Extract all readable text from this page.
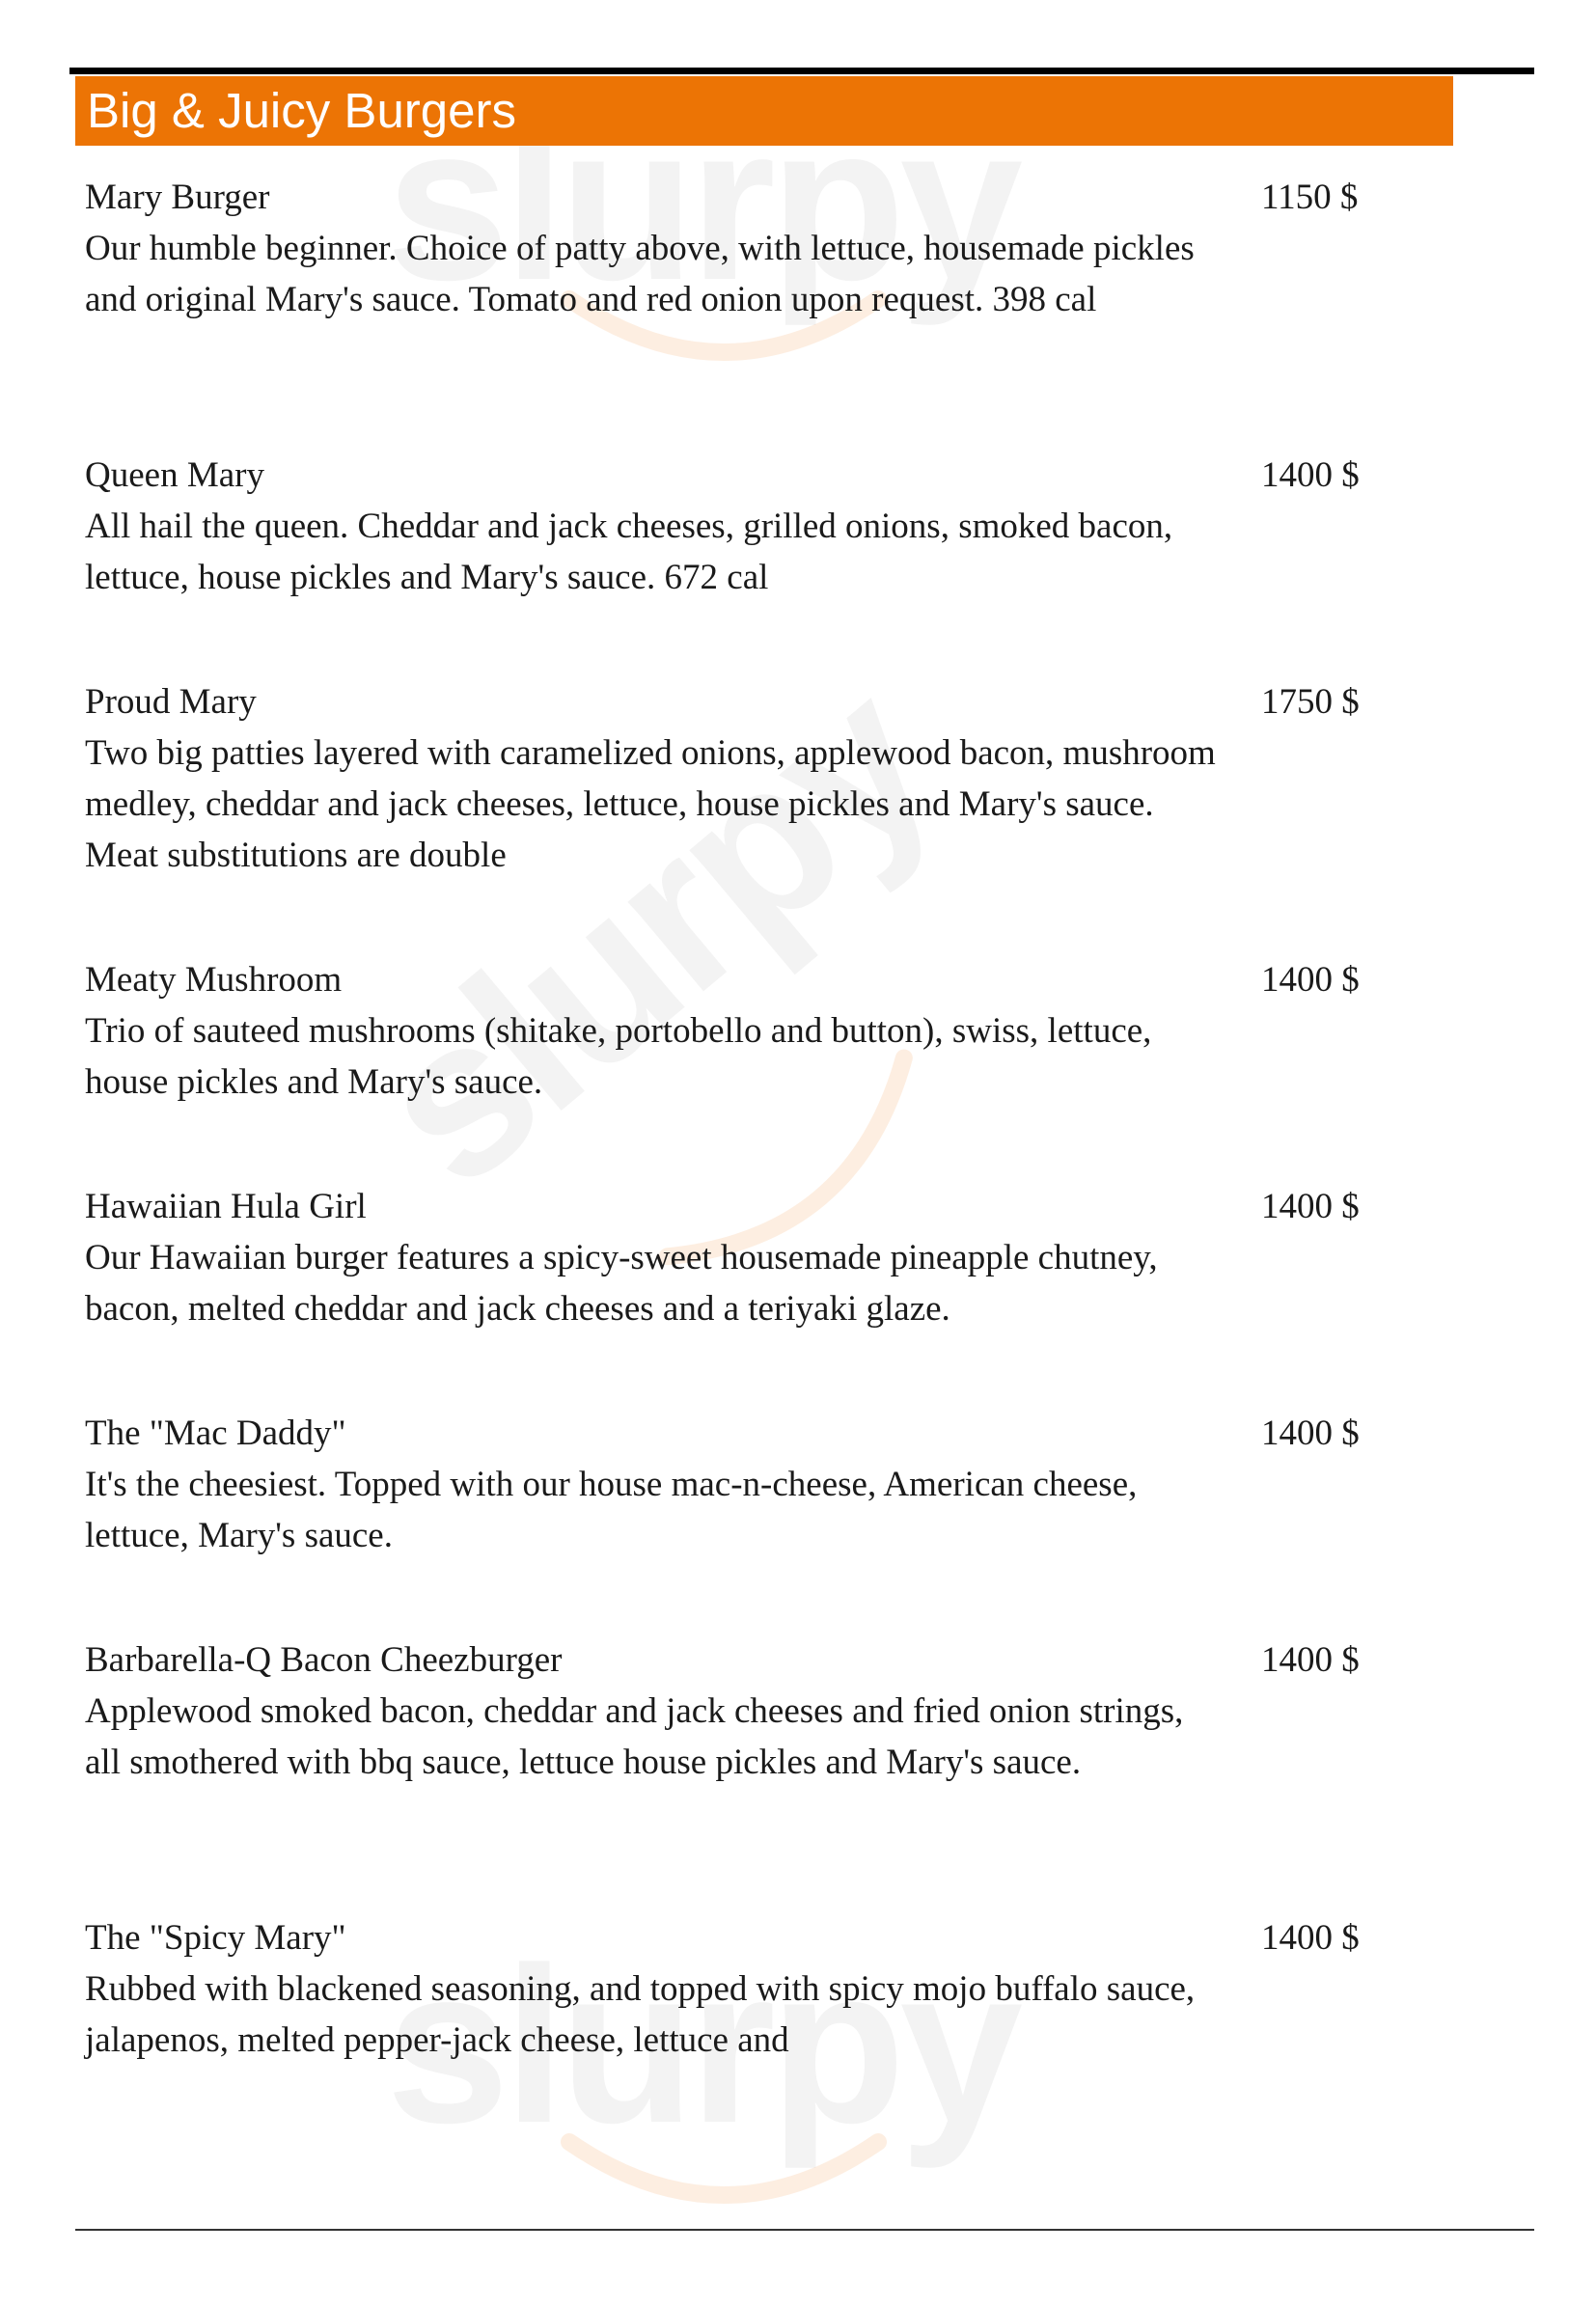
Big & Juicy Burgers
Mary Burger
Our humble beginner. Choice of patty above, with lettuce, housemade pickles and original Mary's sauce. Tomato and red onion upon request. 398 cal
1150 $
Queen Mary
All hail the queen. Cheddar and jack cheeses, grilled onions, smoked bacon, lettuce, house pickles and Mary's sauce. 672 cal
1400 $
Proud Mary
Two big patties layered with caramelized onions, applewood bacon, mushroom medley, cheddar and jack cheeses, lettuce, house pickles and Mary's sauce. Meat substitutions are double
1750 $
Meaty Mushroom
Trio of sauteed mushrooms (shitake, portobello and button), swiss, lettuce, house pickles and Mary's sauce.
1400 $
Hawaiian Hula Girl
Our Hawaiian burger features a spicy-sweet housemade pineapple chutney, bacon, melted cheddar and jack cheeses and a teriyaki glaze.
1400 $
The "Mac Daddy"
It's the cheesiest. Topped with our house mac-n-cheese, American cheese, lettuce, Mary's sauce.
1400 $
Barbarella-Q Bacon Cheezburger
Applewood smoked bacon, cheddar and jack cheeses and fried onion strings, all smothered with bbq sauce, lettuce house pickles and Mary's sauce.
1400 $
The "Spicy Mary"
Rubbed with blackened seasoning, and topped with spicy mojo buffalo sauce, jalapenos, melted pepper-jack cheese, lettuce and
1400 $
